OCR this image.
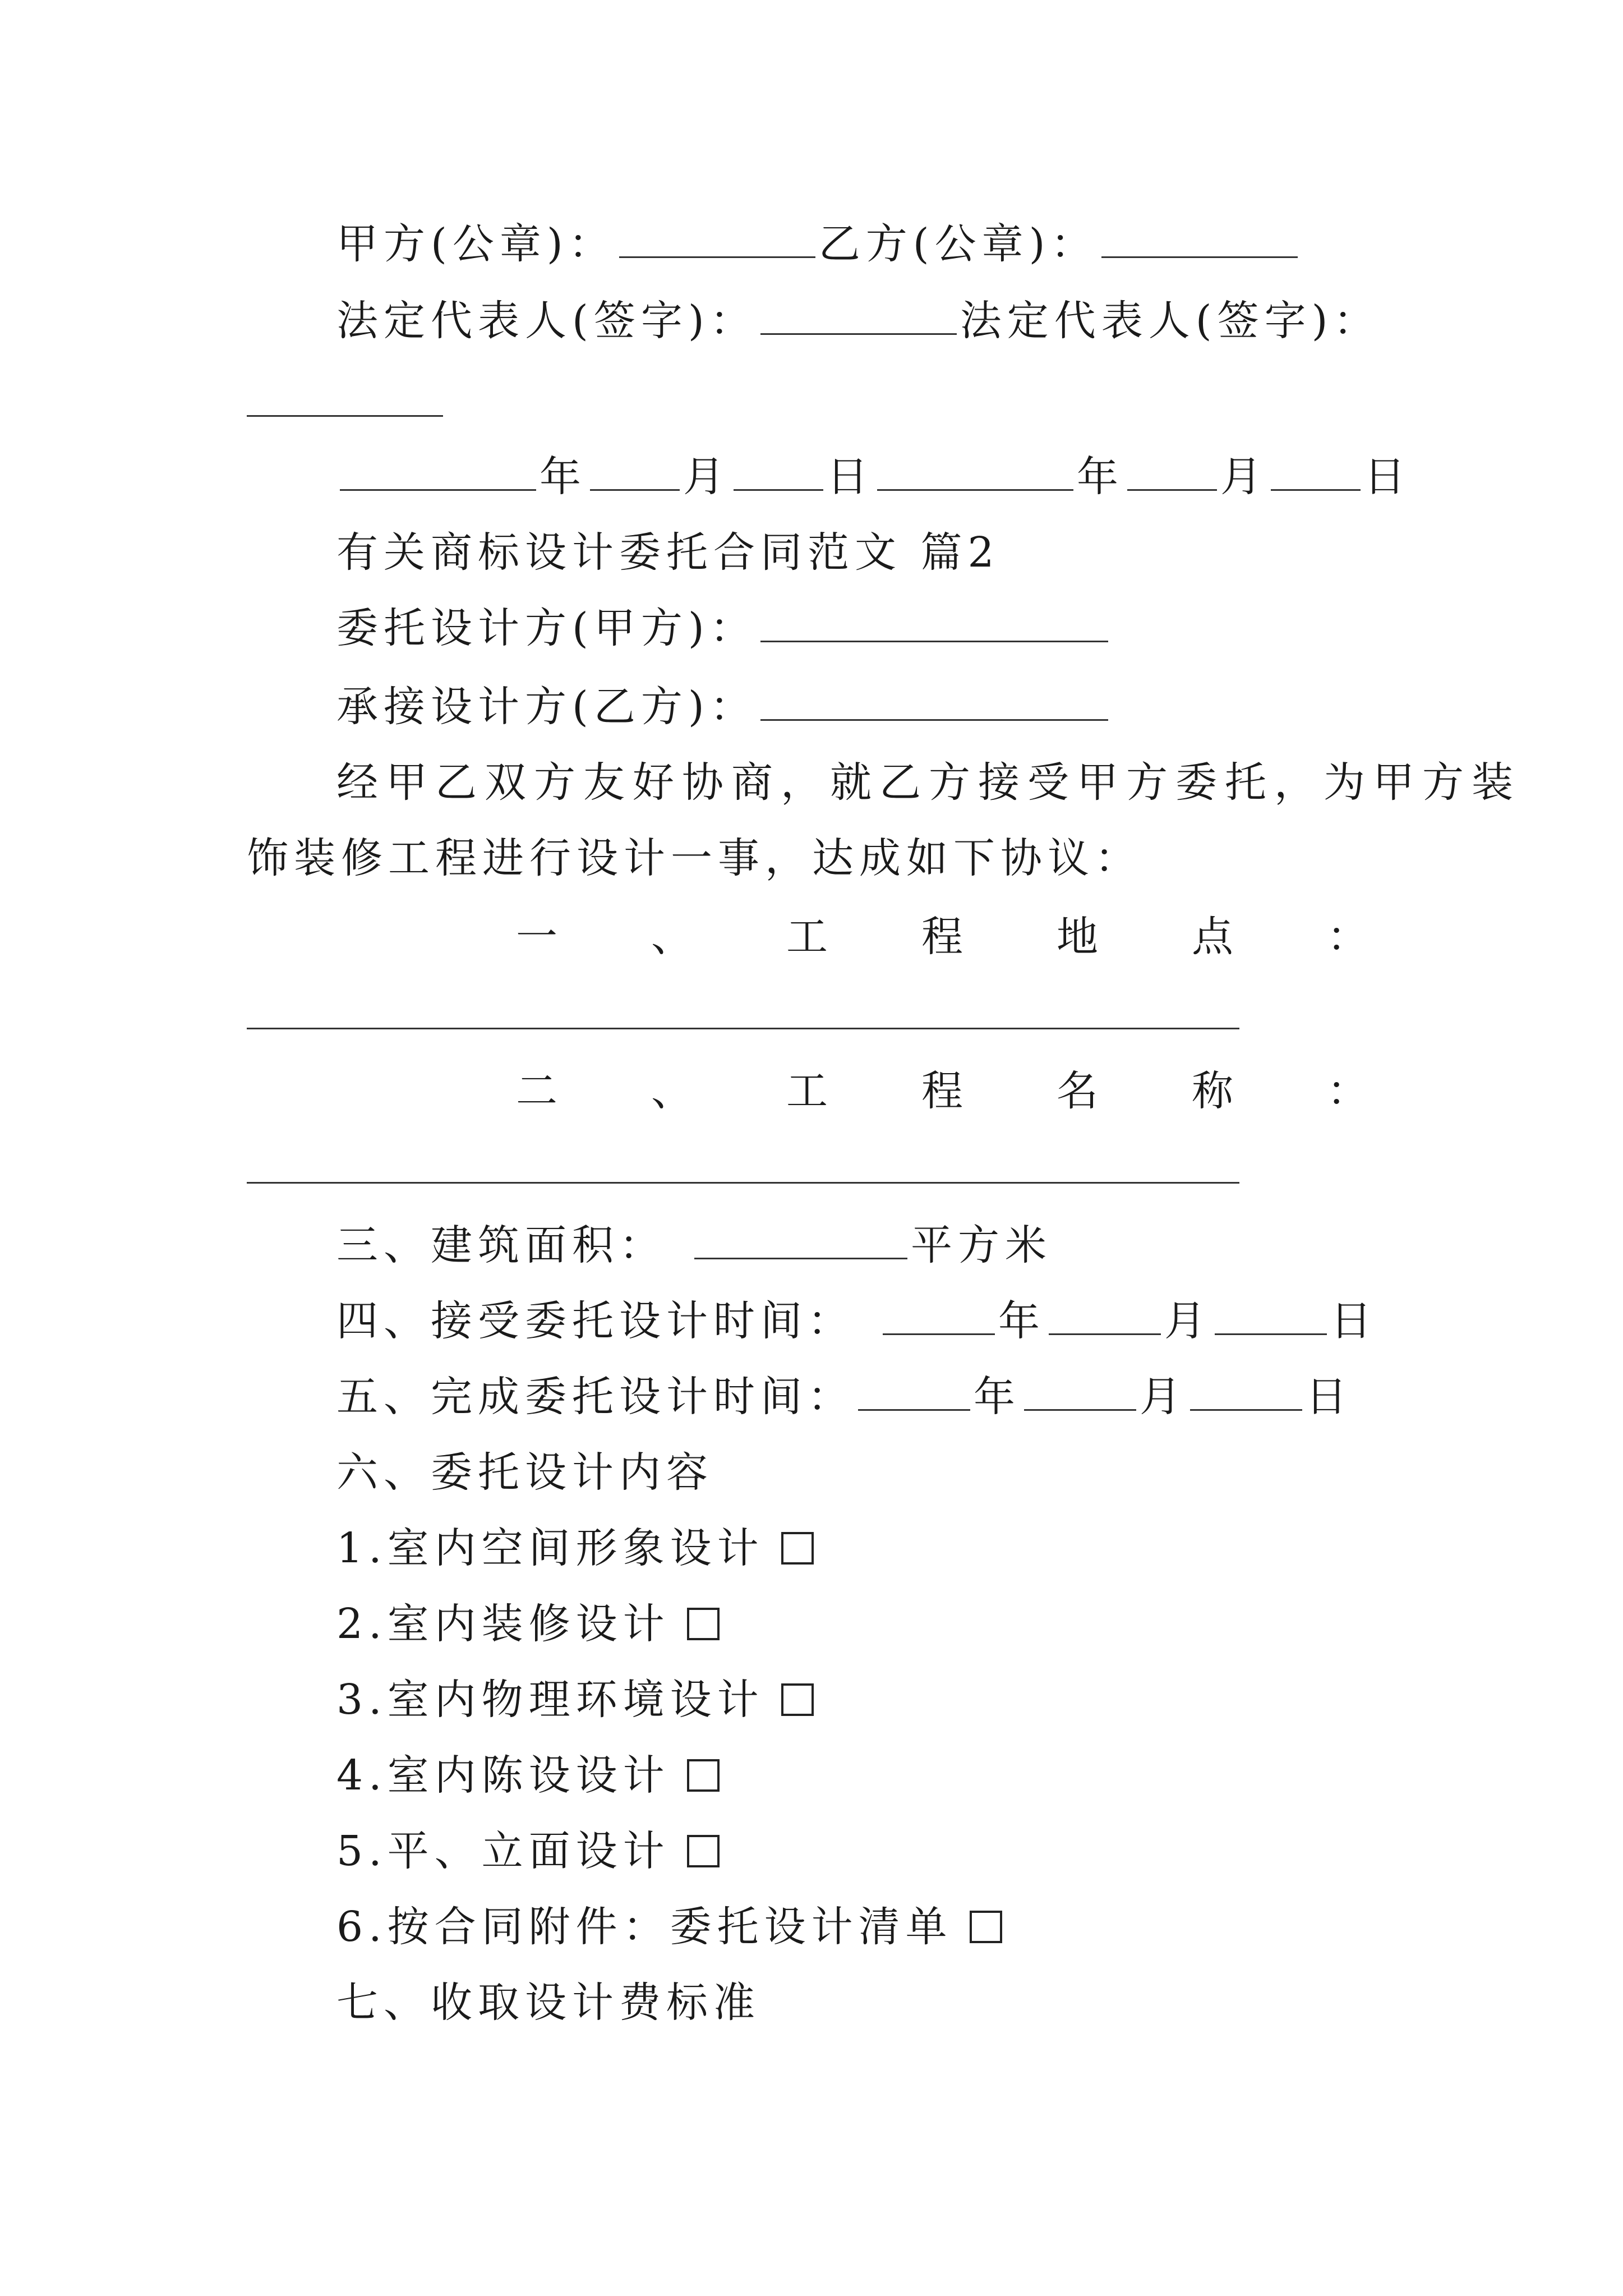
甲方(公章)：	乙方(公章)：
法定代表人(签字)：	法定代表人(签字)：
年 月 日	年 月 日
有关商标设计委托合同范文 篇2
委托设计方(甲方)：
承接设计方(乙方)：
经甲乙双方友好协商，就乙方接受甲方委托，为甲方装
饰装修工程进行设计一事，达成如下协议：
一 、 工 程 地 点 ：
二 、 工 程 名 称 ：
三、建筑面积：	平方米
四、接受委托设计时间：	年	月	日
五、完成委托设计时间：	年	月	日
六、委托设计内容
1.室内空间形象设计
2.室内装修设计
3.室内物理环境设计
4.室内陈设设计
5.平、立面设计
6.按合同附件：委托设计清单
七、收取设计费标准
